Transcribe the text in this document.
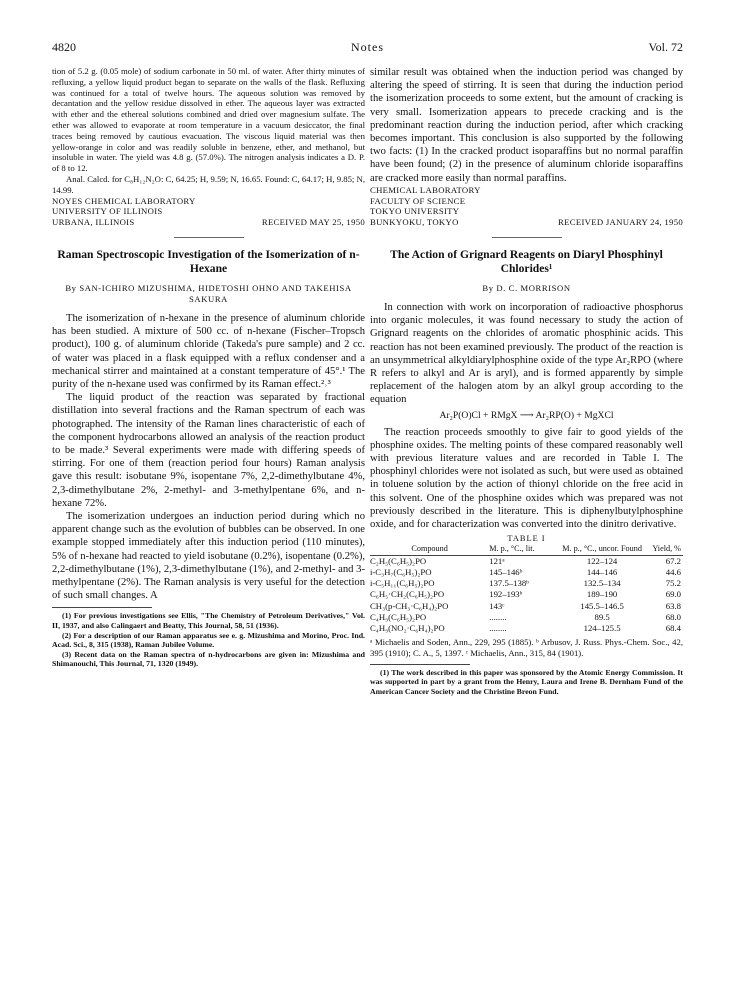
4820	Notes	Vol. 72

tion of 5.2 g. (0.05 mole) of sodium carbonate in 50 ml. of water. After thirty minutes of refluxing, a yellow liquid product began to separate on the walls of the flask. Refluxing was continued for a total of twelve hours. The aqueous solution was removed by decantation and the yellow residue dissolved in ether. The aqueous layer was extracted with ether and the ethereal solutions combined and dried over magnesium sulfate. The ether was allowed to evaporate at room temperature in a vacuum desiccator, the final traces being removed by cautious evacuation. The viscous liquid material was then yellow-orange in color and was readily soluble in benzene, ether, and methanol, but insoluble in water. The yield was 4.8 g. (57.0%). The nitrogen analysis indicates a D. P. of 8 to 12.

Anal. Calcd. for C₈H₁₂N₂O: C, 64.25; H, 9.59; N, 16.65. Found: C, 64.17; H, 9.85; N, 14.99.

NOYES CHEMICAL LABORATORY
UNIVERSITY OF ILLINOIS
URBANA, ILLINOIS	RECEIVED MAY 25, 1950
Raman Spectroscopic Investigation of the Isomerization of n-Hexane
By SAN-ICHIRO MIZUSHIMA, HIDETOSHI OHNO AND TAKEHISA SAKURA

The isomerization of n-hexane in the presence of aluminum chloride has been studied. A mixture of 500 cc. of n-hexane (Fischer–Tropsch product), 100 g. of aluminum chloride (Takeda's pure sample) and 2 cc. of water was placed in a flask equipped with a reflux condenser and a mechanical stirrer and maintained at a constant temperature of 45°.¹ The purity of the n-hexane used was confirmed by its Raman effect.²˒³

The liquid product of the reaction was separated by fractional distillation into several fractions and the Raman spectrum of each was photographed. The intensity of the Raman lines characteristic of each of the component hydrocarbons allowed an analysis of the reaction product to be made.³ Several experiments were made with differing speeds of stirring. For one of them (reaction period four hours) Raman analysis gave this result: isobutane 9%, isopentane 7%, 2,2-dimethylbutane 4%, 2,3-dimethylbutane 2%, 2-methyl- and 3-methylpentane 6%, and n-hexane 72%.

The isomerization undergoes an induction period during which no apparent change such as the evolution of bubbles can be observed. In one example stopped immediately after this induction period (110 minutes), 5% of n-hexane had reacted to yield isobutane (0.2%), isopentane (0.2%), 2,2-dimethylbutane (1%), 2,3-dimethylbutane (1%), and 2-methyl- and 3-methylpentane (2%). The Raman analysis is very useful for the detection of such small changes. A

(1) For previous investigations see Ellis, "The Chemistry of Petroleum Derivatives," Vol. II, 1937, and also Calingaert and Beatty, This Journal, 58, 51 (1936).

(2) For a description of our Raman apparatus see e. g. Mizushima and Morino, Proc. Ind. Acad. Sci., 8, 315 (1938), Raman Jubilee Volume.

(3) Recent data on the Raman spectra of n-hydrocarbons are given in: Mizushima and Shimanouchi, This Journal, 71, 1320 (1949).

similar result was obtained when the induction period was changed by altering the speed of stirring. It is seen that during the induction period the isomerization proceeds to some extent, but the amount of cracking is very small. Isomerization appears to precede cracking and is the predominant reaction during the induction period, after which cracking becomes important. This conclusion is also supported by the following two facts: (1) In the cracked product isoparaffins but no normal paraffin have been found; (2) in the presence of aluminum chloride isoparaffins are cracked more easily than normal paraffins.

CHEMICAL LABORATORY
FACULTY OF SCIENCE
TOKYO UNIVERSITY
BUNKYOKU, TOKYO	RECEIVED JANUARY 24, 1950
The Action of Grignard Reagents on Diaryl Phosphinyl Chlorides¹
By D. C. MORRISON

In connection with work on incorporation of radioactive phosphorus into organic molecules, it was found necessary to study the action of Grignard reagents on the chlorides of aromatic phosphinic acids. This reaction has not been examined previously. The product of the reaction is an unsymmetrical alkyldiarylphosphine oxide of the type Ar₂RPO (where R refers to alkyl and Ar is aryl), and is formed apparently by simple replacement of the halogen atom by an alkyl group according to the equation

Ar₂P(O)Cl + RMgX ⟶ Ar₂RP(O) + MgXCl

The reaction proceeds smoothly to give fair to good yields of the phosphine oxides. The melting points of these compared reasonably well with previous literature values and are recorded in Table I. The phosphinyl chlorides were not isolated as such, but were used as obtained in toluene solution by the action of thionyl chloride on the free acid in this solvent. One of the phosphine oxides which was prepared was not previously described in the literature. This is diphenylbutylphosphine oxide, and for characterization was converted into the dinitro derivative.

TABLE I
Compound	M. p., °C., lit.	M. p., °C., uncor. Found	Yield, %
C₂H₅(C₆H₅)₂PO	121ᵃ	122–124	67.2
i-C₃H₇(C₆H₅)₂PO	145–146ᵇ	144–146	44.6
i-C₅H₁₁(C₆H₅)₂PO	137.5–138ᵇ	132.5–134	75.2
C₆H₅·CH₂(C₆H₅)₂PO	192–193ᵇ	189–190	69.0
CH₃(p-CH₃·C₆H₄)₂PO	143ᶜ	145.5–146.5	63.8
C₄H₉(C₆H₅)₂PO	........	89.5	68.0
C₄H₉(NO₂·C₆H₄)₂PO	........	124–125.5	68.4

ᵃ Michaelis and Soden, Ann., 229, 295 (1885). ᵇ Arbusov, J. Russ. Phys.-Chem. Soc., 42, 395 (1910); C. A., 5, 1397. ᶜ Michaelis, Ann., 315, 84 (1901).

(1) The work described in this paper was sponsored by the Atomic Energy Commission. It was supported in part by a grant from the Henry, Laura and Irene B. Dernham Fund of the American Cancer Society and the Christine Breon Fund.
